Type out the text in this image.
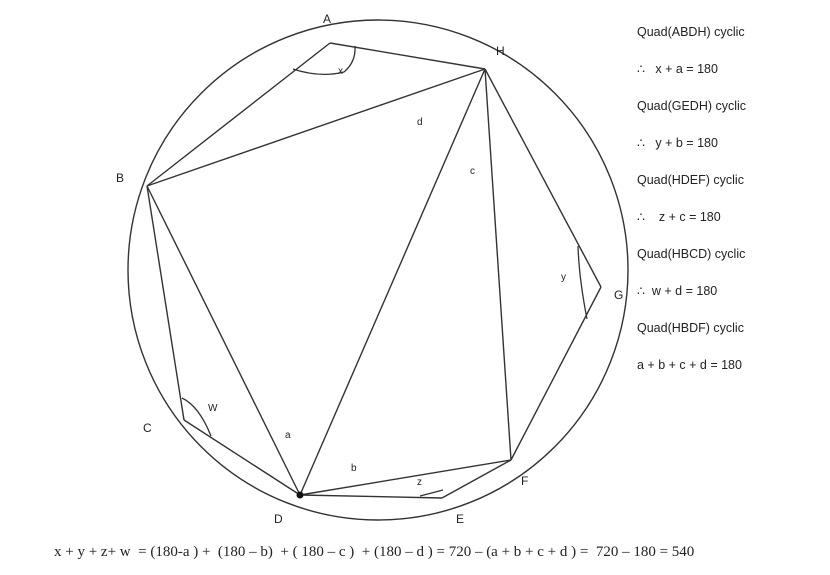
A
H
B
G
C
F
D	E
x
y
z
W
a
b
c
d
Quad(ABDH) cyclic
∴   x + a = 180
Quad(GEDH) cyclic
∴   y + b = 180
Quad(HDEF) cyclic
∴    z + c = 180
Quad(HBCD) cyclic
∴  w + d = 180
Quad(HBDF) cyclic
a + b + c + d = 180
x + y + z+ w  = (180-a ) +  (180 – b)  + ( 180 – c )  + (180 – d ) = 720 – (a + b + c + d ) =  720 – 180 = 540
